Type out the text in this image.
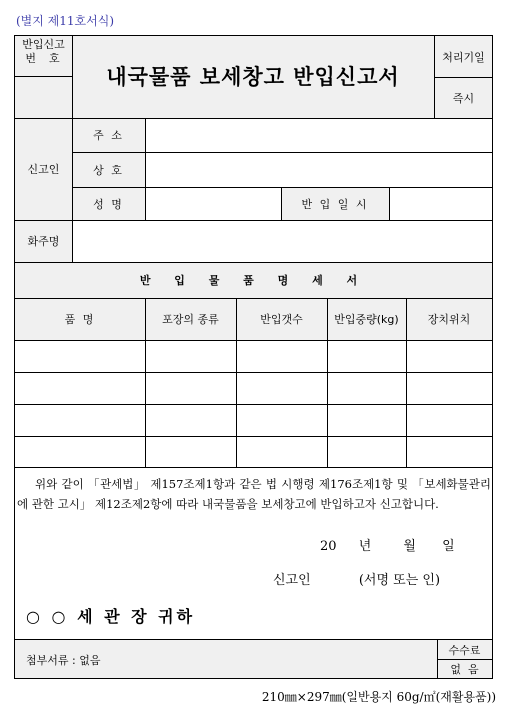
(별지 제11호서식)
반입신고
번  호
내국물품 보세창고 반입신고서
처리기일
즉시
신고인
주 소
상 호
성 명	반 입 일 시
화주명
반 입 물 품 명 세 서
품 명	포장의 종류	반입갯수	반입중량(kg)	장치위치
위와 같이 「관세법」 제157조제1항과 같은 법 시행령 제176조제1항 및 「보세화물관리에 관한 고시」 제12조제2항에 따라 내국물품을 보세창고에 반입하고자 신고합니다.
20 년 월 일
신고인	(서명 또는 인)
○ ○ 세 관 장 귀하
첨부서류 : 없음
수수료
없  음
210㎜×297㎜(일반용지 60g/㎡(재활용품))
